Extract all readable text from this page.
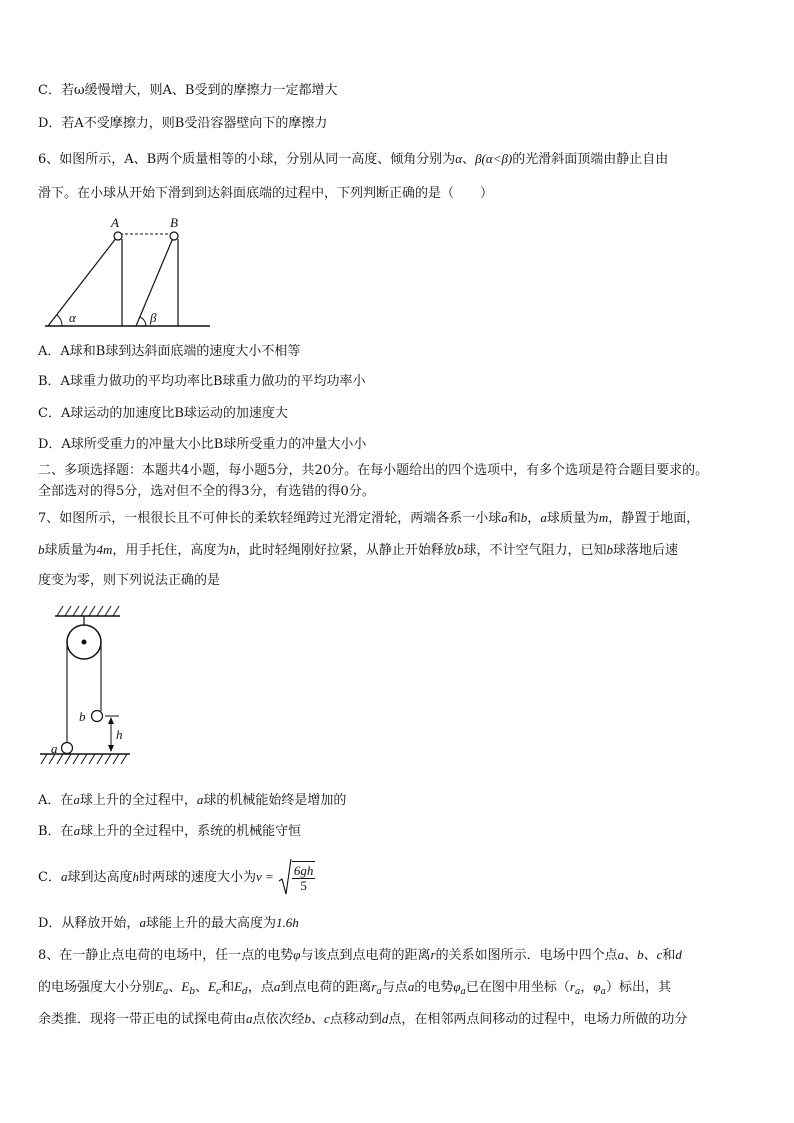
C．若ω缓慢增大，则A、B受到的摩擦力一定都增大
D．若A不受摩擦力，则B受沿容器壁向下的摩擦力
6、如图所示，A、B两个质量相等的小球，分别从同一高度、倾角分别为α、β(α<β)的光滑斜面顶端由静止自由
滑下。在小球从开始下滑到到达斜面底端的过程中，下列判断正确的是（　　）
A	B
α	β
A．A球和B球到达斜面底端的速度大小不相等
B．A球重力做功的平均功率比B球重力做功的平均功率小
C．A球运动的加速度比B球运动的加速度大
D．A球所受重力的冲量大小比B球所受重力的冲量大小小
二、多项选择题：本题共4小题，每小题5分，共20分。在每小题给出的四个选项中，有多个选项是符合题目要求的。
全部选对的得5分，选对但不全的得3分，有选错的得0分。
7、如图所示，一根很长且不可伸长的柔软轻绳跨过光滑定滑轮，两端各系一小球a和b，a球质量为m，静置于地面，
b球质量为4m，用手托住，高度为h，此时轻绳刚好拉紧，从静止开始释放b球，不计空气阻力，已知b球落地后速
度变为零，则下列说法正确的是
a
b
h
A．在a球上升的全过程中，a球的机械能始终是增加的
B．在a球上升的全过程中，系统的机械能守恒
C．a球到达高度h时两球的速度大小为$v = \frac{6gh}{5}$
D．从释放开始，a球能上升的最大高度为1.6h
8、在一静止点电荷的电场中，任一点的电势φ与该点到点电荷的距离r的关系如图所示．电场中四个点a、b、c和d
的电场强度大小分别$E_a$、$E_b$、$E_c$和$E_d$，点a到点电荷的距离$r_a$与点a的电势$\varphi_a$已在图中用坐标（$r_a$，$\varphi_a$）标出，其
余类推．现将一带正电的试探电荷由a点依次经b、c点移动到d点，在相邻两点间移动的过程中，电场力所做的功分
